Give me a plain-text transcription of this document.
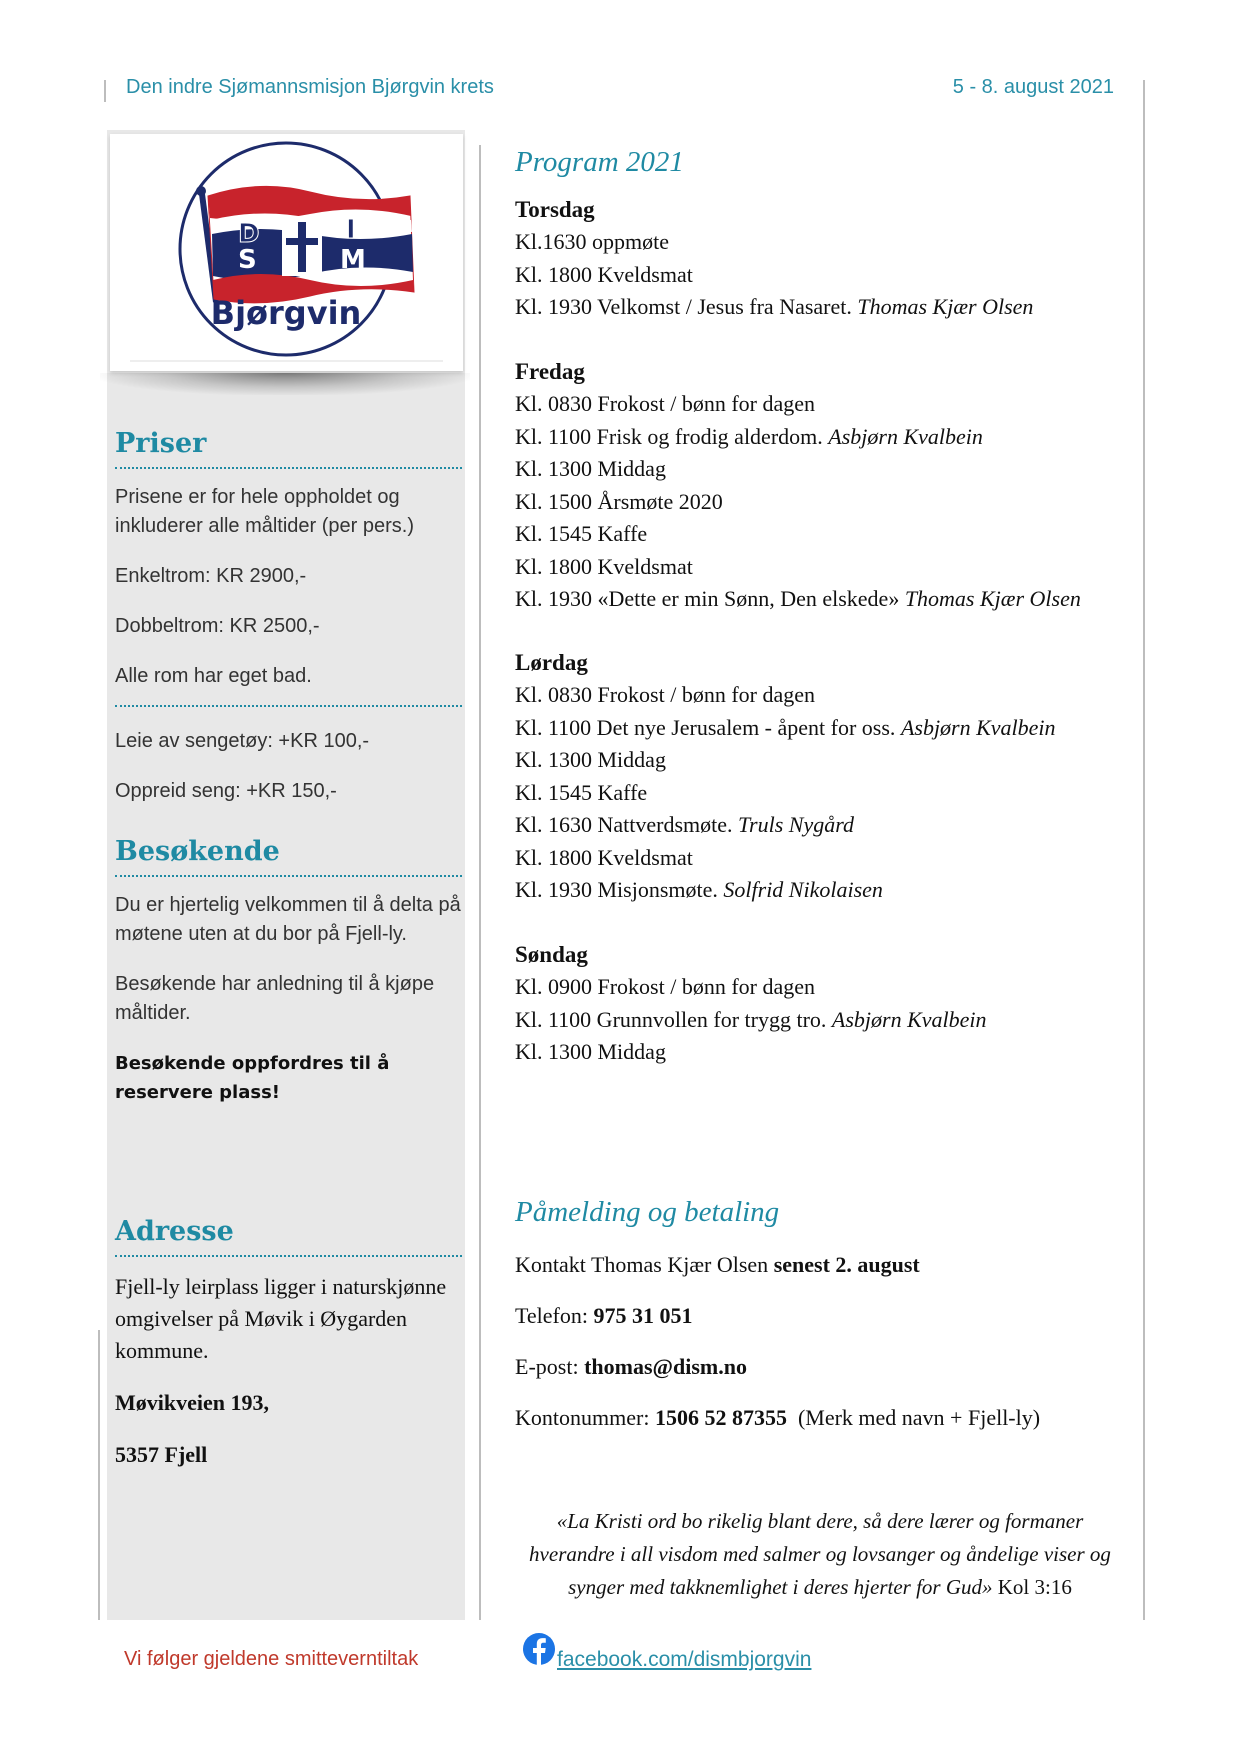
Den indre Sjømannsmisjon Bjørgvin krets	5 - 8. august 2021
D	I
S	M
Bjørgvin
Priser

Prisene er for hele oppholdet og inkluderer alle måltider (per pers.)

Enkeltrom: KR 2900,-

Dobbeltrom: KR 2500,-

Alle rom har eget bad.

Leie av sengetøy: +KR 100,-

Oppreid seng: +KR 150,-

Besøkende

Du er hjertelig velkommen til å delta på møtene uten at du bor på Fjell-ly.

Besøkende har anledning til å kjøpe måltider.

Besøkende oppfordres til å reservere plass!

Adresse

Fjell-ly leirplass ligger i naturskjønne omgivelser på Møvik i Øygarden kommune.

Møvikveien 193,

5357 Fjell

Program 2021

Torsdag

Kl.1630 oppmøte

Kl. 1800 Kveldsmat

Kl. 1930 Velkomst / Jesus fra Nasaret. Thomas Kjær Olsen

Fredag

Kl. 0830 Frokost / bønn for dagen

Kl. 1100 Frisk og frodig alderdom. Asbjørn Kvalbein

Kl. 1300 Middag

Kl. 1500 Årsmøte 2020

Kl. 1545 Kaffe

Kl. 1800 Kveldsmat

Kl. 1930 «Dette er min Sønn, Den elskede» Thomas Kjær Olsen

Lørdag

Kl. 0830 Frokost / bønn for dagen

Kl. 1100 Det nye Jerusalem - åpent for oss. Asbjørn Kvalbein

Kl. 1300 Middag

Kl. 1545 Kaffe

Kl. 1630 Nattverdsmøte. Truls Nygård

Kl. 1800 Kveldsmat

Kl. 1930 Misjonsmøte. Solfrid Nikolaisen

Søndag

Kl. 0900 Frokost / bønn for dagen

Kl. 1100 Grunnvollen for trygg tro. Asbjørn Kvalbein

Kl. 1300 Middag

Påmelding og betaling
Kontakt Thomas Kjær Olsen senest 2. august
Telefon: 975 31 051
E-post: thomas@dism.no
Kontonummer: 1506 52 87355 (Merk med navn + Fjell-ly)
«La Kristi ord bo rikelig blant dere, så dere lærer og formaner hverandre i all visdom med salmer og lovsanger og åndelige viser og synger med takknemlighet i deres hjerter for Gud» Kol 3:16
Vi følger gjeldene smitteverntiltak	facebook.com/dismbjorgvin
